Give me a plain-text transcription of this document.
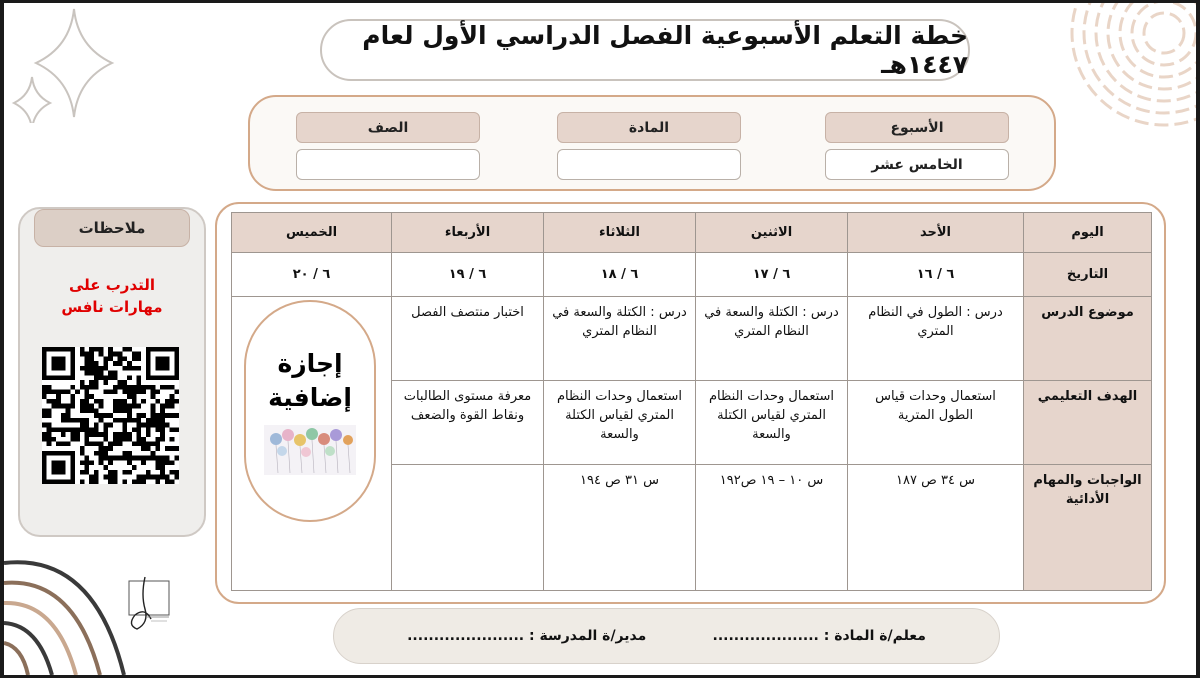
خطة التعلم الأسبوعية الفصل الدراسي الأول لعام ١٤٤٧هـ
الأسبوع
الخامس عشر
المادة
الصف
ملاحظات
التدرب على
مهارات نافس
اليوم	الأحد	الاثنين	الثلاثاء	الأربعاء	الخميس
التاريخ	٦ / ١٦	٦ / ١٧	٦ / ١٨	٦ / ١٩	٦ / ٢٠
موضوع الدرس	درس : الطول في النظام المتري	درس : الكتلة والسعة في النظام المتري	درس : الكتلة والسعة في النظام المتري	اختبار منتصف الفصل	
الهدف التعليمي	استعمال وحدات قياس الطول المترية	استعمال وحدات النظام المتري لقياس الكتلة والسعة	استعمال وحدات النظام المتري لقياس الكتلة والسعة	معرفة مستوى الطالبات ونقاط القوة والضعف	
الواجبات والمهام الأدائية	س ٣٤ ص ١٨٧	س ١٠ – ١٩ ص١٩٢	س ٣١ ص ١٩٤		
إجازة
إضافية
معلم/ة المادة : ....................
مدير/ة المدرسة : ......................
